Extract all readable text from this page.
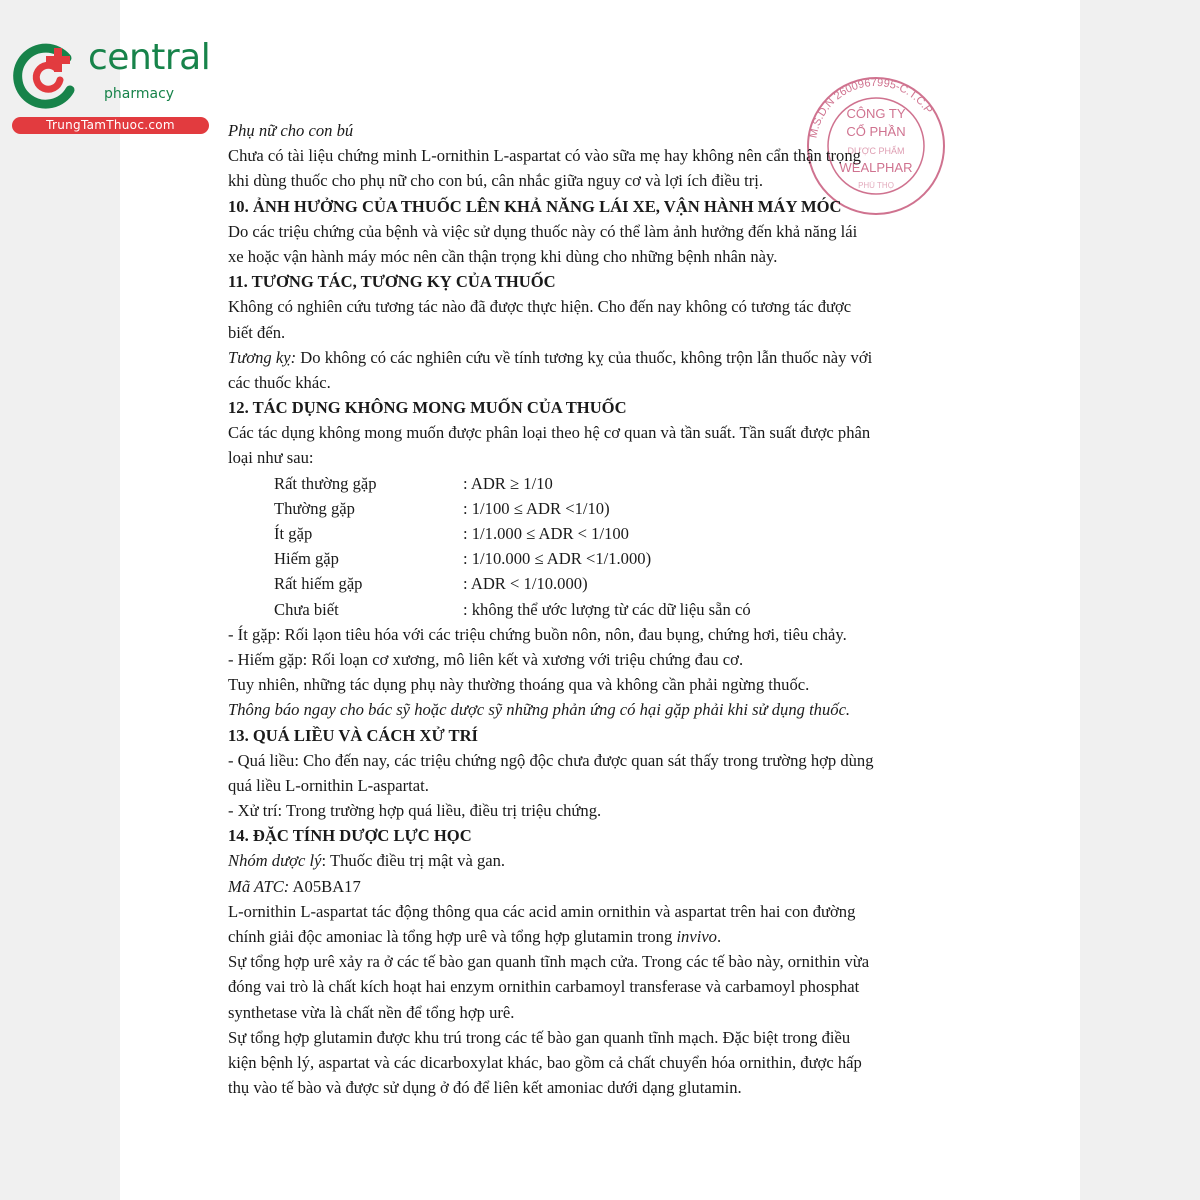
central
pharmacy
TrungTamThuoc.com
M.S.D.N 2600967995-C.T.C.P
CÔNG TY
CỔ PHẦN
DƯỢC PHẨM
WEALPHAR
PHÚ THỌ
Phụ nữ cho con bú
Chưa có tài liệu chứng minh L-ornithin L-aspartat có vào sữa mẹ hay không nên cẩn thận trọng
khi dùng thuốc cho phụ nữ cho con bú, cân nhắc giữa nguy cơ và lợi ích điều trị.
10. ẢNH HƯỞNG CỦA THUỐC LÊN KHẢ NĂNG LÁI XE, VẬN HÀNH MÁY MÓC
Do các triệu chứng của bệnh và việc sử dụng thuốc này có thể làm ảnh hưởng đến khả năng lái
xe hoặc vận hành máy móc nên cần thận trọng khi dùng cho những bệnh nhân này.
11. TƯƠNG TÁC, TƯƠNG KỴ CỦA THUỐC
Không có nghiên cứu tương tác nào đã được thực hiện. Cho đến nay không có tương tác được
biết đến.
Tương kỵ: Do không có các nghiên cứu về tính tương kỵ của thuốc, không trộn lẫn thuốc này với
các thuốc khác.
12. TÁC DỤNG KHÔNG MONG MUỐN CỦA THUỐC
Các tác dụng không mong muốn được phân loại theo hệ cơ quan và tần suất. Tần suất được phân
loại như sau:
Rất thường gặp	: ADR ≥ 1/10
Thường gặp	: 1/100 ≤ ADR <1/10)
Ít gặp	: 1/1.000 ≤ ADR < 1/100
Hiếm gặp	: 1/10.000 ≤ ADR <1/1.000)
Rất hiếm gặp	: ADR < 1/10.000)
Chưa biết	: không thể ước lượng từ các dữ liệu sẵn có
- Ít gặp: Rối lạon tiêu hóa với các triệu chứng buồn nôn, nôn, đau bụng, chứng hơi, tiêu chảy.
- Hiếm gặp: Rối loạn cơ xương, mô liên kết và xương với triệu chứng đau cơ.
Tuy nhiên, những tác dụng phụ này thường thoáng qua và không cần phải ngừng thuốc.
Thông báo ngay cho bác sỹ hoặc dược sỹ những phản ứng có hại gặp phải khi sử dụng thuốc.
13. QUÁ LIỀU VÀ CÁCH XỬ TRÍ
- Quá liều: Cho đến nay, các triệu chứng ngộ độc chưa được quan sát thấy trong trường hợp dùng
quá liều L-ornithin L-aspartat.
- Xử trí: Trong trường hợp quá liều, điều trị triệu chứng.
14. ĐẶC TÍNH DƯỢC LỰC HỌC
Nhóm dược lý: Thuốc điều trị mật và gan.
Mã ATC: A05BA17
L-ornithin L-aspartat tác động thông qua các acid amin ornithin và aspartat trên hai con đường
chính giải độc amoniac là tổng hợp urê và tổng hợp glutamin trong invivo.
Sự tổng hợp urê xảy ra ở các tế bào gan quanh tĩnh mạch cửa. Trong các tế bào này, ornithin vừa
đóng vai trò là chất kích hoạt hai enzym ornithin carbamoyl transferase và carbamoyl phosphat
synthetase vừa là chất nền để tổng hợp urê.
Sự tổng hợp glutamin được khu trú trong các tế bào gan quanh tĩnh mạch. Đặc biệt trong điều
kiện bệnh lý, aspartat và các dicarboxylat khác, bao gồm cả chất chuyển hóa ornithin, được hấp
thụ vào tế bào và được sử dụng ở đó để liên kết amoniac dưới dạng glutamin.
